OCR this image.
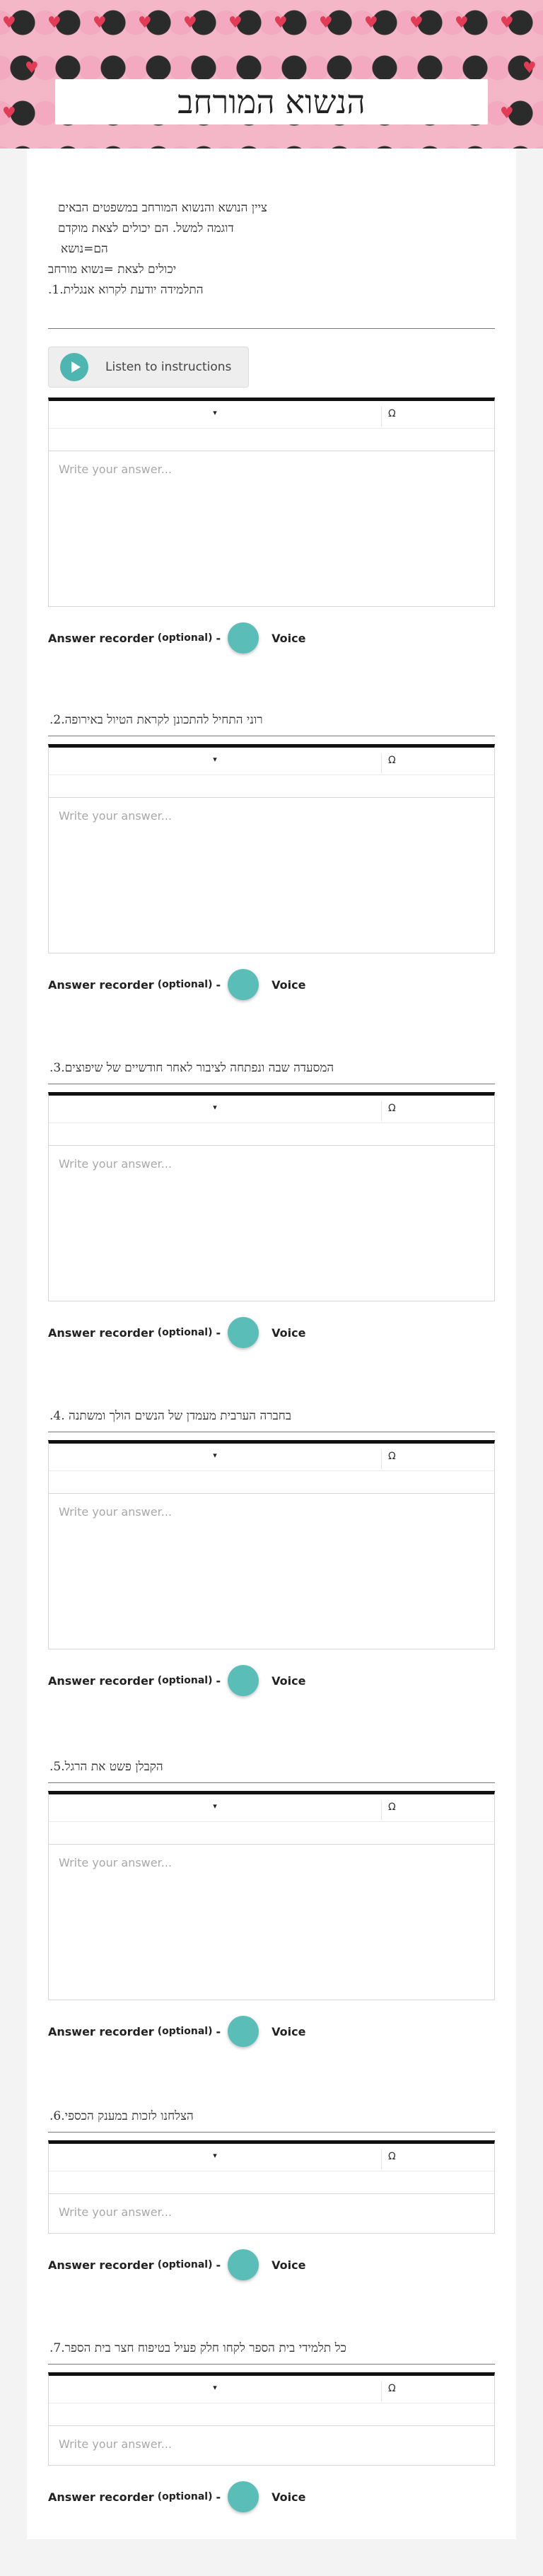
♥ ♥ ♥ ♥ ♥ ♥ ♥ ♥ ♥ ♥ ♥ ♥
♥	♥
♥	♥
הנשוא המורחב
ציין הנושא והנשוא המורחב במשפטים הבאים
דוגמה למשל. הם יכולים לצאת מוקדם
הם=נושא
יכולים לצאת =נשוא מורחב
.התלמידה יודעת לקרוא אנגלית.1
Listen to instructions
▾	Ω
Write your answer...
Answer recorder (optional) -	Voice
.רוני התחיל להתכונן לקראת הטיול באירופה.2
▾	Ω
Write your answer...
Answer recorder (optional) -	Voice
.המסעדה שבה ונפתחה לציבור לאחר חודשיים של שיפוצים.3
▾	Ω
Write your answer...
Answer recorder (optional) -	Voice
.בחברה הערבית מעמדן של הנשים הולך ומשתנה .4
▾	Ω
Write your answer...
Answer recorder (optional) -	Voice
.הקבלן פשט את הרגל.5
▾	Ω
Write your answer...
Answer recorder (optional) -	Voice
.הצלחנו לזכות במענק הכספי.6
▾	Ω
Write your answer...
Answer recorder (optional) -	Voice
.כל תלמידי בית הספר לקחו חלק פעיל בטיפוח חצר בית הספר.7
▾	Ω
Write your answer...
Answer recorder (optional) -	Voice
